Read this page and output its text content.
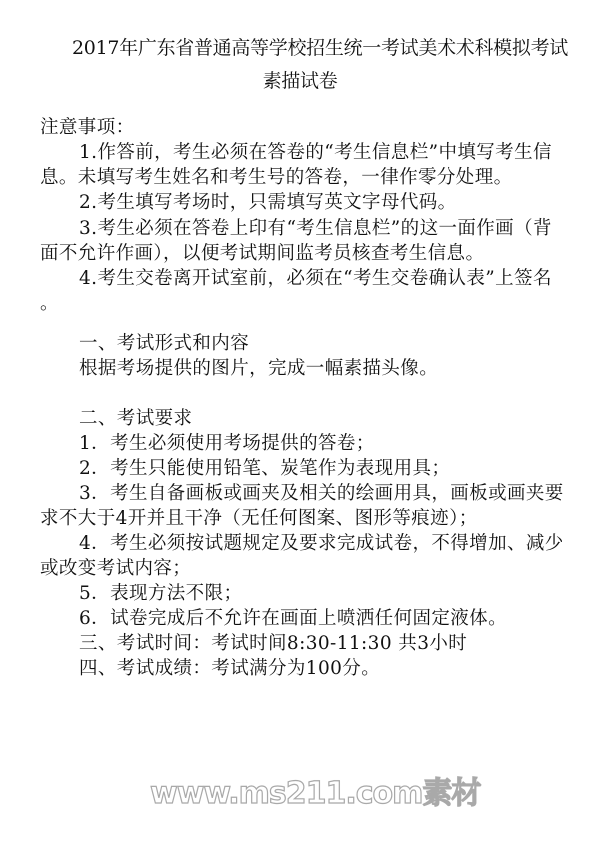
2017年广东省普通高等学校招生统一考试美术术科模拟考试
素描试卷
注意事项：
1.作答前，考生必须在答卷的“考生信息栏”中填写考生信
息。未填写考生姓名和考生号的答卷，一律作零分处理。
2.考生填写考场时，只需填写英文字母代码。
3.考生必须在答卷上印有“考生信息栏”的这一面作画（背
面不允许作画），以便考试期间监考员核查考生信息。
4.考生交卷离开试室前，必须在“考生交卷确认表”上签名
。
一、考试形式和内容
根据考场提供的图片，完成一幅素描头像。
二、考试要求
1．考生必须使用考场提供的答卷；
2．考生只能使用铅笔、炭笔作为表现用具；
3．考生自备画板或画夹及相关的绘画用具，画板或画夹要
求不大于4开并且干净（无任何图案、图形等痕迹）；
4．考生必须按试题规定及要求完成试卷，不得增加、减少
或改变考试内容；
5．表现方法不限；
6．试卷完成后不允许在画面上喷洒任何固定液体。
三、考试时间：考试时间8:30-11:30 共3小时
四、考试成绩：考试满分为100分。
www.ms211.com素材
